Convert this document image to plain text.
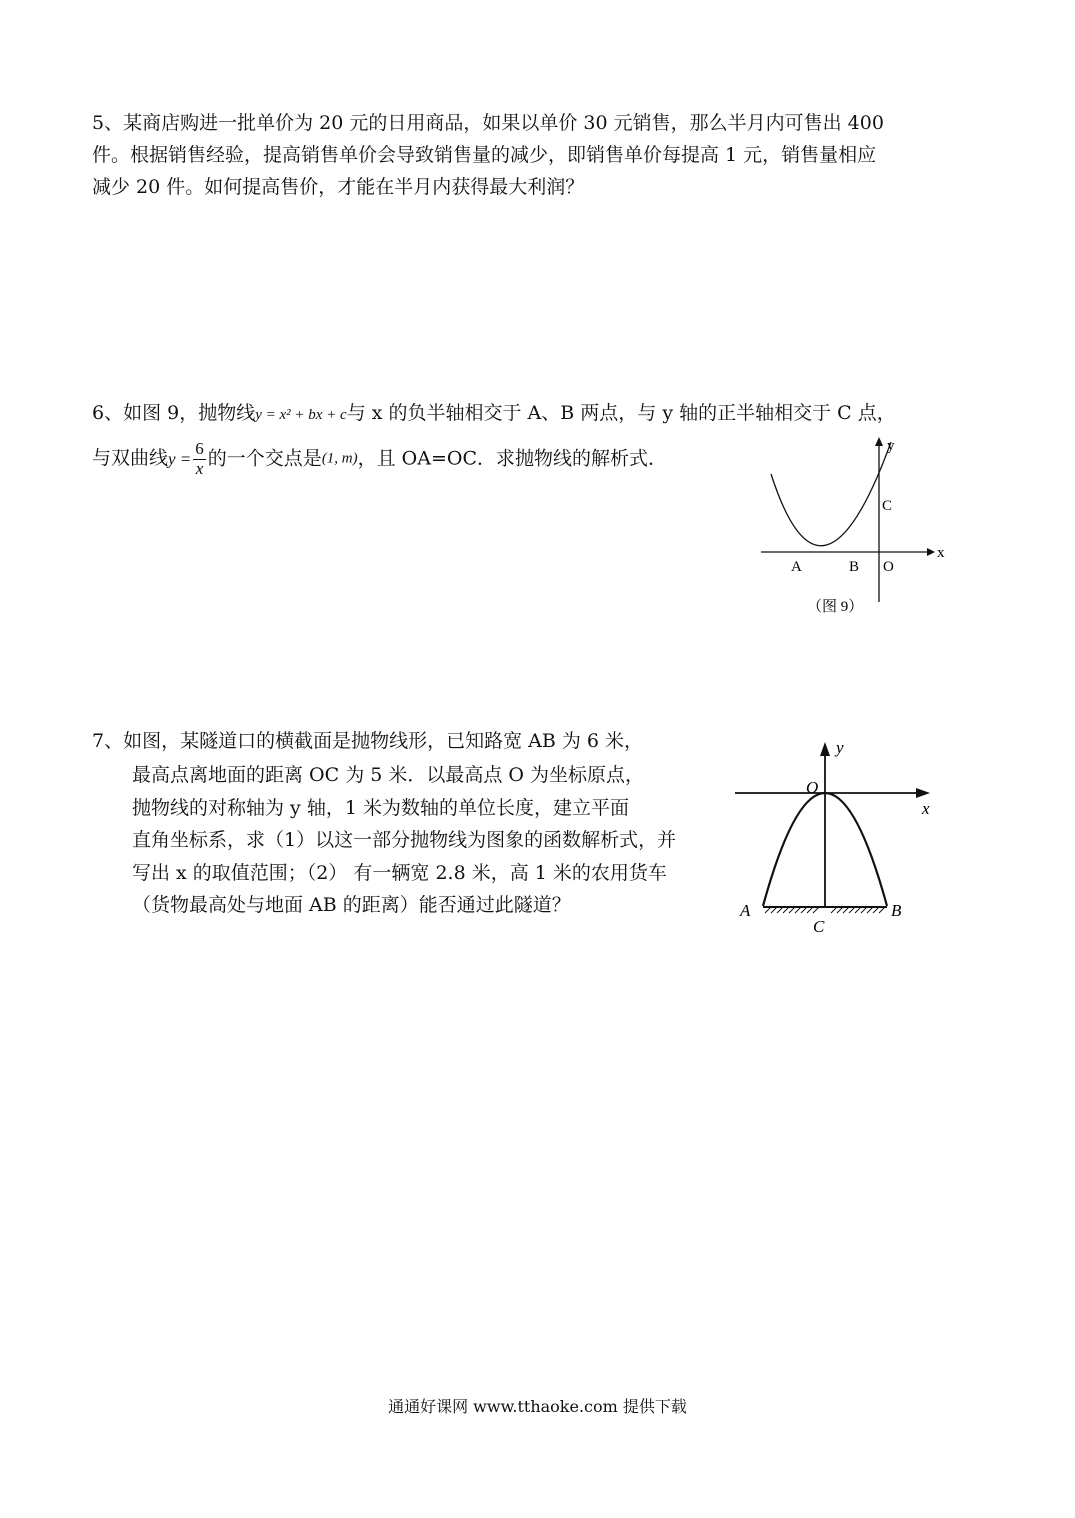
5、某商店购进一批单价为 20 元的日用商品，如果以单价 30 元销售，那么半月内可售出 400
件。根据销售经验，提高销售单价会导致销售量的减少，即销售单价每提高 1 元，销售量相应
减少 20 件。如何提高售价，才能在半月内获得最大利润？
6、如图 9，抛物线y = x² + bx + c与 x 的负半轴相交于 A、B 两点，与 y 轴的正半轴相交于 C 点，
与双曲线$y = \frac{6}{x}$ 的一个交点是(1, m)，且 OA=OC．求抛物线的解析式．
y
x
C
A	B O
（图 9）
7、如图，某隧道口的横截面是抛物线形，已知路宽 AB 为 6 米，
最高点离地面的距离 OC 为 5 米．以最高点 O 为坐标原点，
抛物线的对称轴为 y 轴，1 米为数轴的单位长度，建立平面
直角坐标系，求（1）以这一部分抛物线为图象的函数解析式，并
写出 x 的取值范围；（2） 有一辆宽 2.8 米，高 1 米的农用货车
（货物最高处与地面 AB 的距离）能否通过此隧道？
y
x
O
A	B
C
通通好课网 www.tthaoke.com 提供下载
